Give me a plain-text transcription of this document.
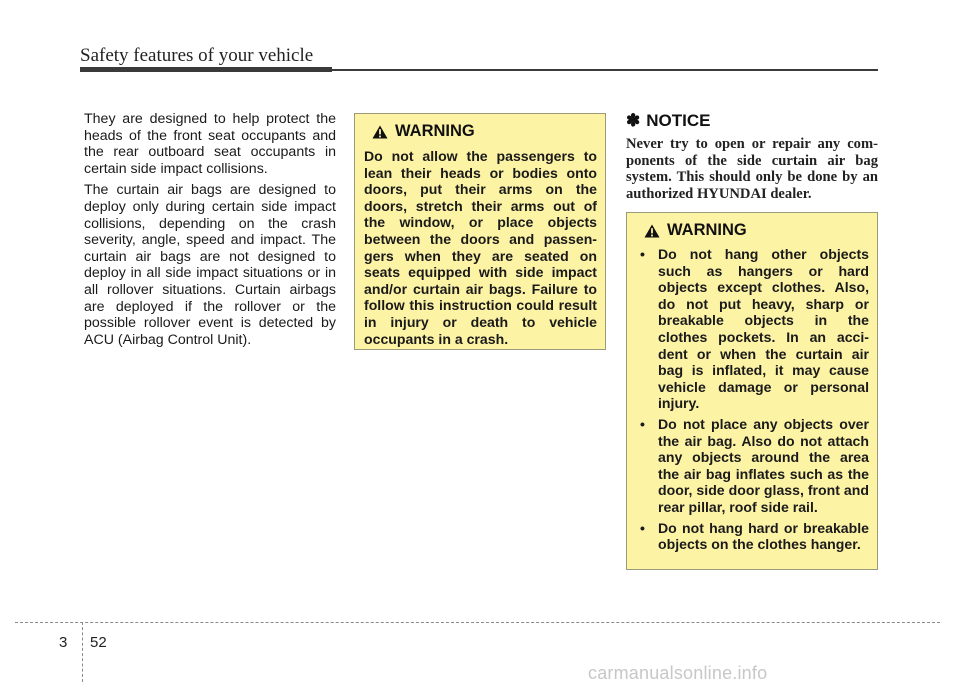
Safety features of your vehicle

They are designed to help protect the heads of the front seat occupants and the rear outboard seat occupants in certain side impact collisions.

The curtain air bags are designed to deploy only during certain side impact collisions, depending on the crash severity, angle, speed and impact. The curtain air bags are not designed to deploy in all side impact situations or in all rollover situations. Curtain airbags are deployed if the rollover or the possible rollover event is detected by ACU (Airbag Control Unit).

WARNING
Do not allow the passengers to lean their heads or bodies onto doors, put their arms on the doors, stretch their arms out of the window, or place objects between the doors and passen-gers when they are seated on seats equipped with side impact and/or curtain air bags. Failure to follow this instruction could result in injury or death to vehicle occupants in a crash.
✽ NOTICE
Never try to open or repair any com-ponents of the side curtain air bag system. This should only be done by an authorized HYUNDAI dealer.
WARNING
• Do not hang other objects such as hangers or hard objects except clothes. Also, do not put heavy, sharp or breakable objects in the clothes pockets. In an acci-dent or when the curtain air bag is inflated, it may cause vehicle damage or personal injury.
• Do not place any objects over the air bag. Also do not attach any objects around the area the air bag inflates such as the door, side door glass, front and rear pillar, roof side rail.
• Do not hang hard or breakable objects on the clothes hanger.
3 52
carmanualsonline.info
